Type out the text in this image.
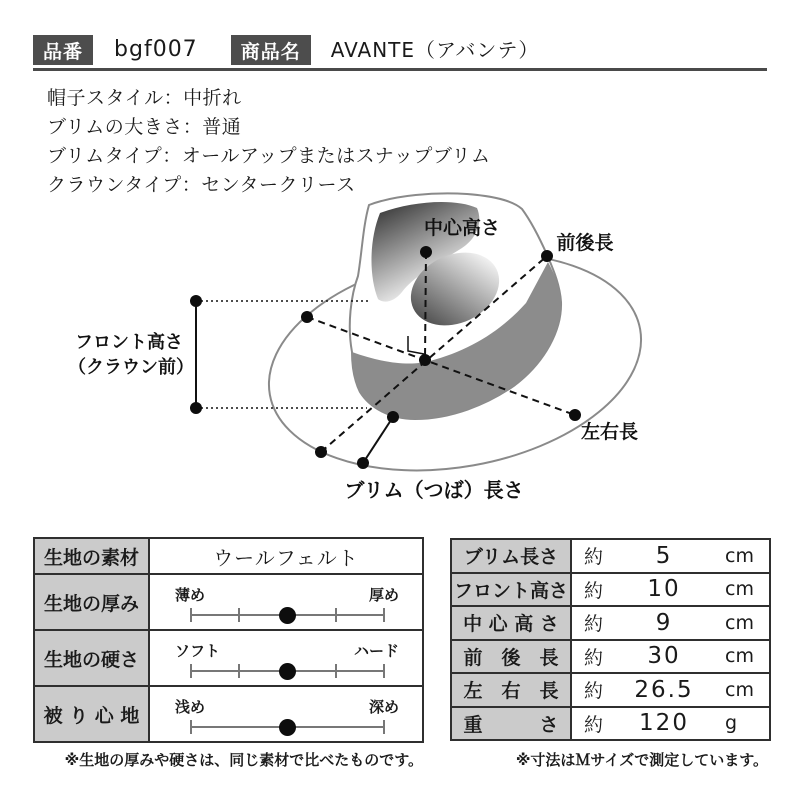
品番	bgf007	商品名	AVANTE（アバンテ）
帽子スタイル：中折れ
ブリムの大きさ：普通
ブリムタイプ：オールアップまたはスナップブリム
クラウンタイプ：センタークリース
中心高さ
前後長
フロント高さ
（クラウン前）
左右長
ブリム（つば）長さ
生地の素材	ウールフェルト
生地の厚み	薄め	厚め
生地の硬さ	ソフト	ハード
被 り 心 地	浅め	深め
ブリム長さ	約	5	cm
フロント高さ 約	10	cm
中 心 高 さ	約	9	cm
前　後　長	約	30	cm
左　右　長	約	26.5	cm
重　　　さ	約	120	g
※生地の厚みや硬さは、同じ素材で比べたものです。	※寸法はＭサイズで測定しています。
